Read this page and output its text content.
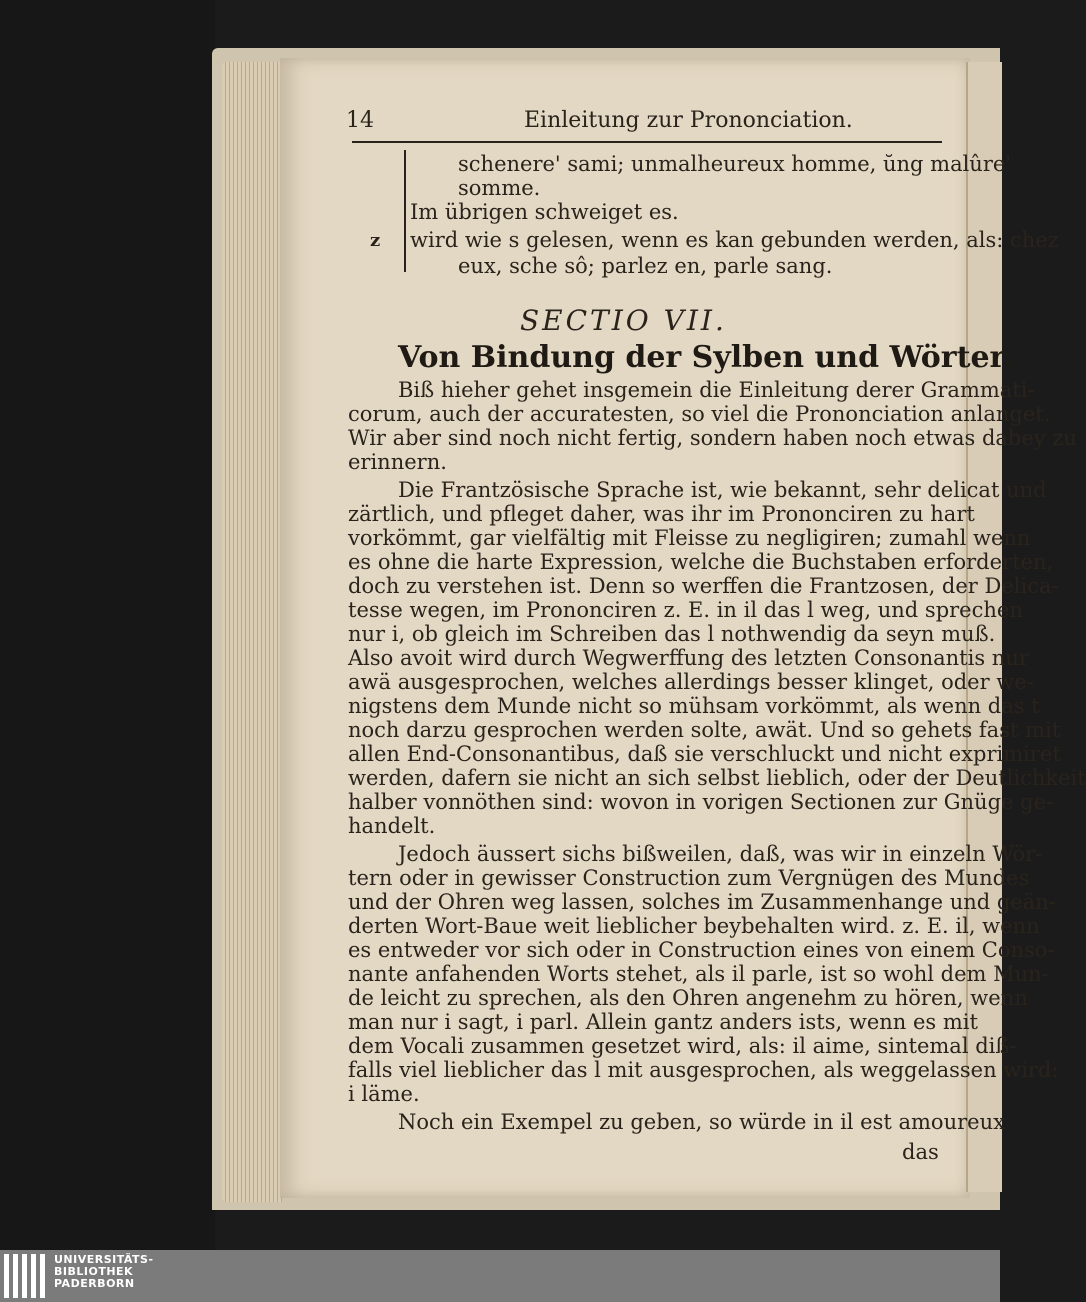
14	Einleitung zur Prononciation.
z
schenere' sami; unmalheureux homme, ŭng malûre'
somme.
Im übrigen schweiget es.
wird wie s gelesen, wenn es kan gebunden werden, als: chez
eux, sche sô; parlez en, parle sang.
SECTIO VII.
Von Bindung der Sylben und Wörter.
Biß hieher gehet insgemein die Einleitung derer Grammati-
corum, auch der accuratesten, so viel die Prononciation anlanget.
Wir aber sind noch nicht fertig, sondern haben noch etwas dabey zu
erinnern.
Die Frantzösische Sprache ist, wie bekannt, sehr delicat und
zärtlich, und pfleget daher, was ihr im Prononciren zu hart
vorkömmt, gar vielfältig mit Fleisse zu negligiren; zumahl wenn
es ohne die harte Expression, welche die Buchstaben erforderten,
doch zu verstehen ist. Denn so werffen die Frantzosen, der Delica-
tesse wegen, im Prononciren z. E. in il das l weg, und sprechen
nur i, ob gleich im Schreiben das l nothwendig da seyn muß.
Also avoit wird durch Wegwerffung des letzten Consonantis nur
awä ausgesprochen, welches allerdings besser klinget, oder we-
nigstens dem Munde nicht so mühsam vorkömmt, als wenn das t
noch darzu gesprochen werden solte, awät. Und so gehets fast mit
allen End-Consonantibus, daß sie verschluckt und nicht exprimiret
werden, dafern sie nicht an sich selbst lieblich, oder der Deutlichkeit
halber vonnöthen sind: wovon in vorigen Sectionen zur Gnüge ge-
handelt.
Jedoch äussert sichs bißweilen, daß, was wir in einzeln Wör-
tern oder in gewisser Construction zum Vergnügen des Mundes
und der Ohren weg lassen, solches im Zusammenhange und geän-
derten Wort-Baue weit lieblicher beybehalten wird. z. E. il, wenn
es entweder vor sich oder in Construction eines von einem Conso-
nante anfahenden Worts stehet, als il parle, ist so wohl dem Mun-
de leicht zu sprechen, als den Ohren angenehm zu hören, wenn
man nur i sagt, i parl. Allein gantz anders ists, wenn es mit
dem Vocali zusammen gesetzet wird, als: il aime, sintemal diß-
falls viel lieblicher das l mit ausgesprochen, als weggelassen wird:
i läme.
Noch ein Exempel zu geben, so würde in il est amoureux
das
UNIVERSITÄTS-
BIBLIOTHEK
PADERBORN
